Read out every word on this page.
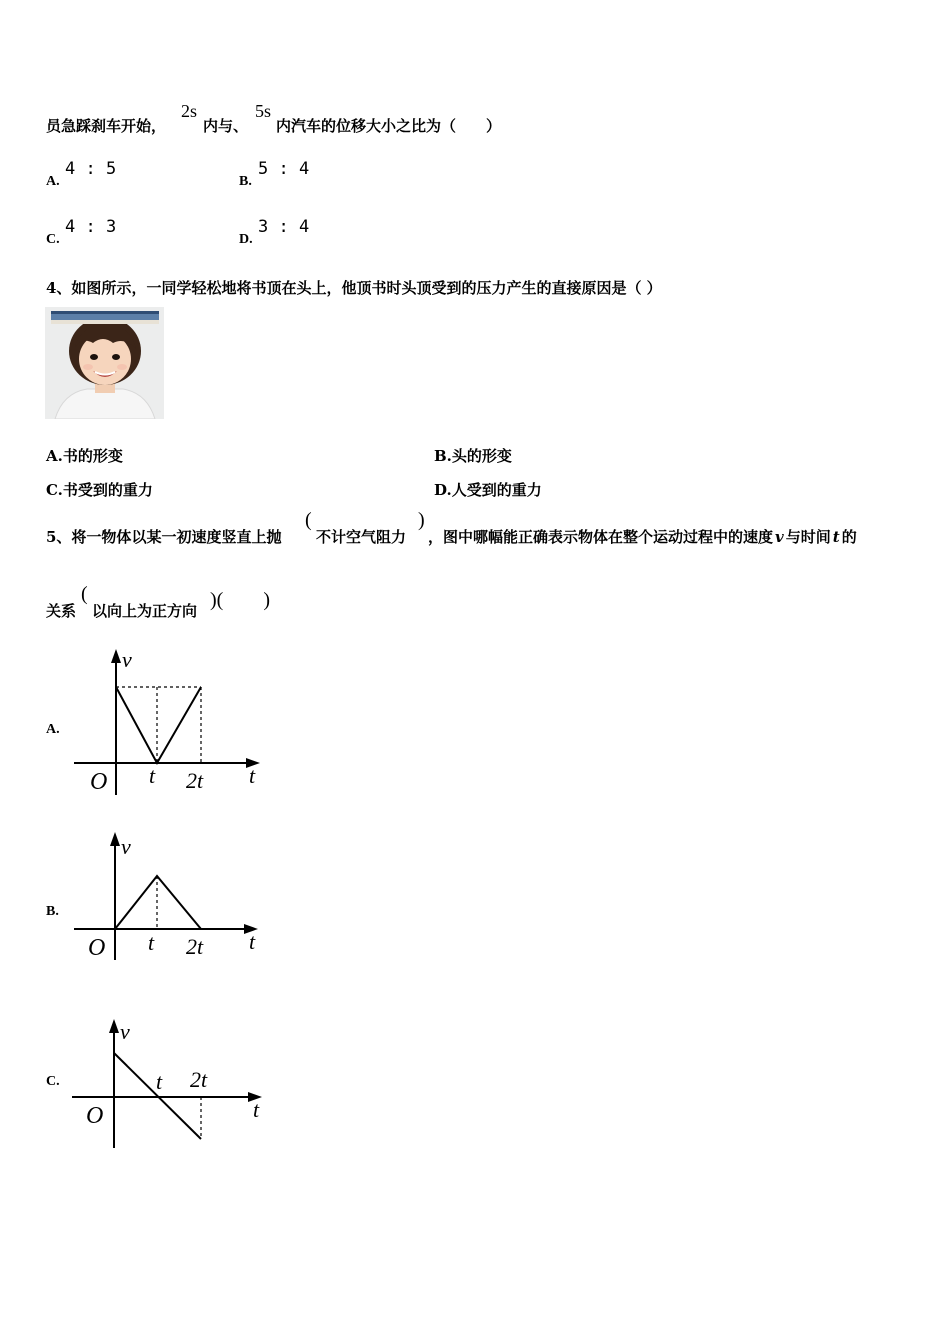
员急踩刹车开始，
2s
内与、
5s
内汽车的位移大小之比为（　　）
A.
4 : 5
B.
5 : 4
C.
4 : 3
D.
3 : 4
4、如图所示，一同学轻松地将书顶在头上，他顶书时头顶受到的压力产生的直接原因是（ ）
A.书的形变	B.头的形变
C.书受到的重力	D.人受到的重力
5、将一物体以某一初速度竖直上抛
(
不计空气阻力
)
，图中哪幅能正确表示物体在整个运动过程中的速度 v 与时间 t 的
关系
(
以向上为正方向 )(　　)
A.
v
O t 2t t
B.
v
O t 2t t
C.
v
O
t 2t
t
